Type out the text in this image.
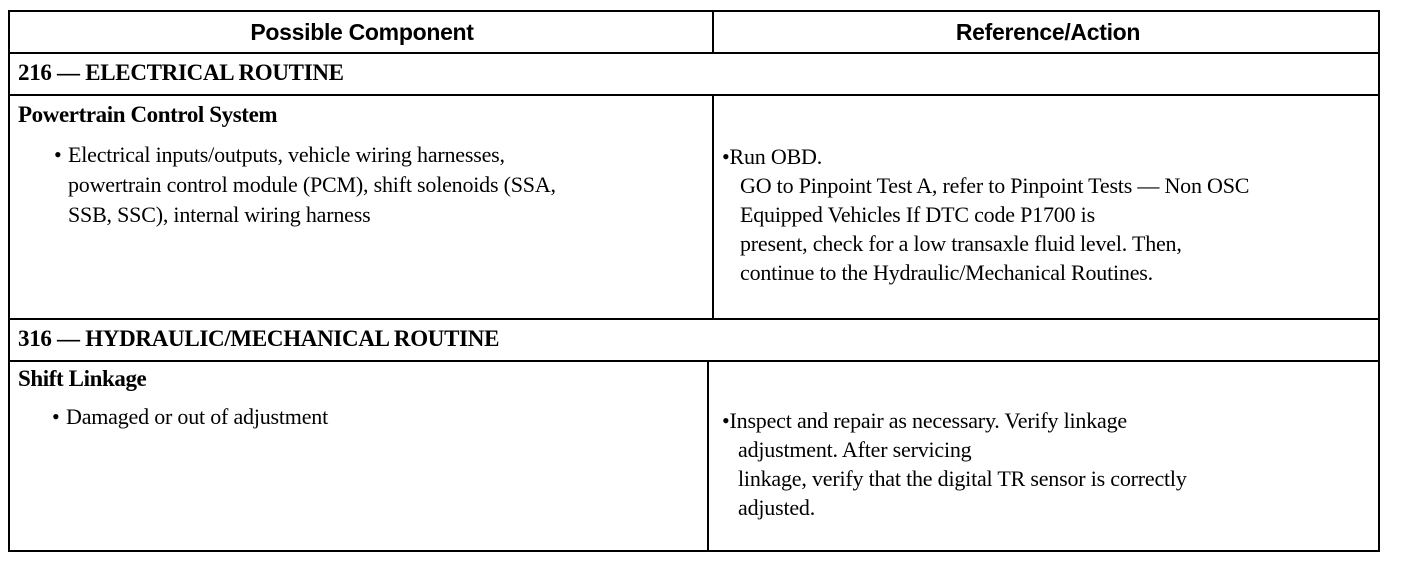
Possible Component	Reference/Action
216 — ELECTRICAL ROUTINE
Powertrain Control System
• Electrical inputs/outputs, vehicle wiring harnesses,
powertrain control module (PCM), shift solenoids (SSA,
SSB, SSC), internal wiring harness
•Run OBD.
GO to Pinpoint Test A, refer to Pinpoint Tests — Non OSC
Equipped Vehicles If DTC code P1700 is
present, check for a low transaxle fluid level. Then,
continue to the Hydraulic/Mechanical Routines.
316 — HYDRAULIC/MECHANICAL ROUTINE
Shift Linkage
• Damaged or out of adjustment	•Inspect and repair as necessary. Verify linkage
adjustment. After servicing
linkage, verify that the digital TR sensor is correctly
adjusted.
